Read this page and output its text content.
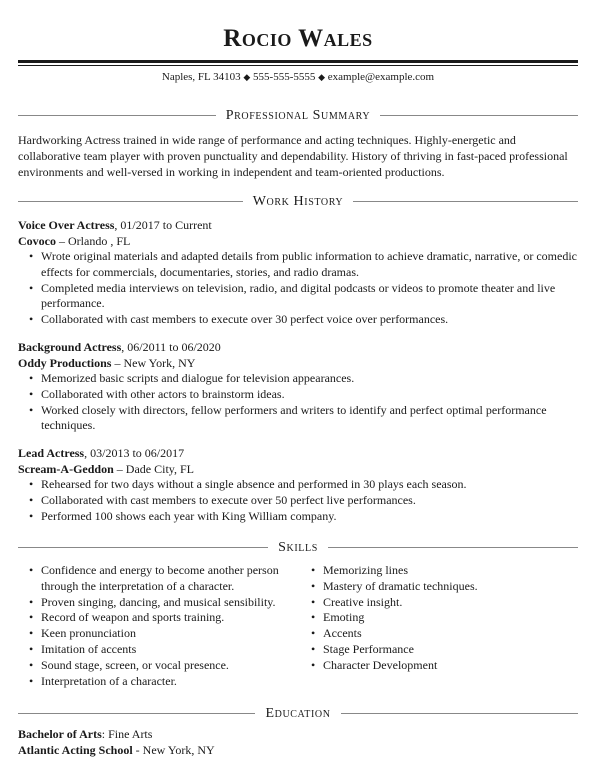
Rocio Wales
Naples, FL 34103 ◆ 555-555-5555 ◆ example@example.com
Professional Summary
Hardworking Actress trained in wide range of performance and acting techniques. Highly-energetic and collaborative team player with proven punctuality and dependability. History of thriving in fast-paced professional environments and well-versed in working in independent and team-oriented productions.
Work History
Voice Over Actress, 01/2017 to Current
Covoco – Orlando , FL
• Wrote original materials and adapted details from public information to achieve dramatic, narrative, or comedic effects for commercials, documentaries, stories, and radio dramas.
• Completed media interviews on television, radio, and digital podcasts or videos to promote theater and live performance.
• Collaborated with cast members to execute over 30 perfect voice over performances.
Background Actress, 06/2011 to 06/2020
Oddy Productions – New York, NY
• Memorized basic scripts and dialogue for television appearances.
• Collaborated with other actors to brainstorm ideas.
• Worked closely with directors, fellow performers and writers to identify and perfect optimal performance techniques.
Lead Actress, 03/2013 to 06/2017
Scream-A-Geddon – Dade City, FL
• Rehearsed for two days without a single absence and performed in 30 plays each season.
• Collaborated with cast members to execute over 50 perfect live performances.
• Performed 100 shows each year with King William company.
Skills
• Confidence and energy to become another person through the interpretation of a character.
• Proven singing, dancing, and musical sensibility.
• Record of weapon and sports training.
• Keen pronunciation
• Imitation of accents
• Sound stage, screen, or vocal presence.
• Interpretation of a character.
• Memorizing lines
• Mastery of dramatic techniques.
• Creative insight.
• Emoting
• Accents
• Stage Performance
• Character Development
Education
Bachelor of Arts: Fine Arts
Atlantic Acting School - New York, NY
